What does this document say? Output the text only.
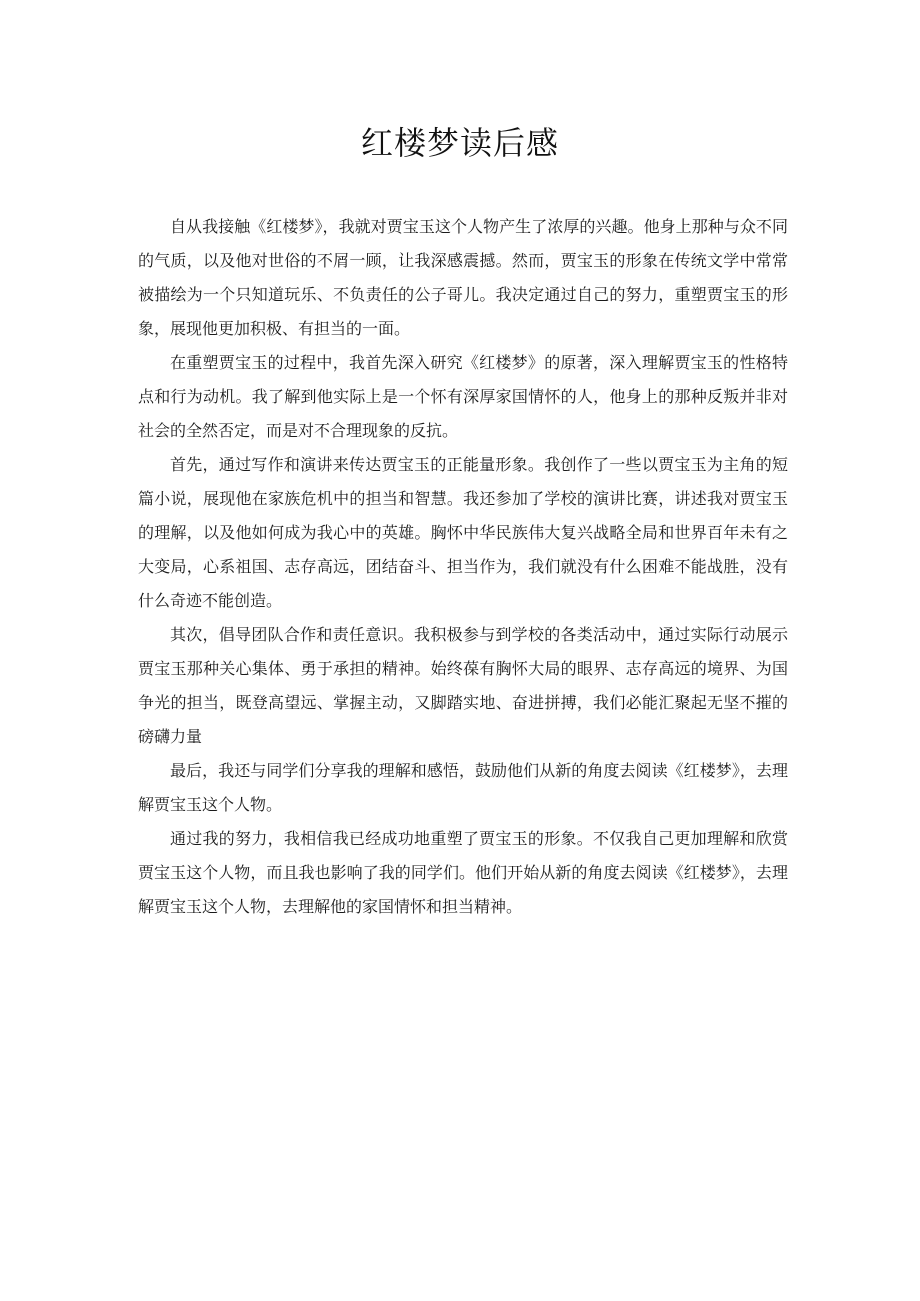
红楼梦读后感

自从我接触《红楼梦》，我就对贾宝玉这个人物产生了浓厚的兴趣。他身上那种与众不同的气质，以及他对世俗的不屑一顾，让我深感震撼。然而，贾宝玉的形象在传统文学中常常被描绘为一个只知道玩乐、不负责任的公子哥儿。我决定通过自己的努力，重塑贾宝玉的形象，展现他更加积极、有担当的一面。

在重塑贾宝玉的过程中，我首先深入研究《红楼梦》的原著，深入理解贾宝玉的性格特点和行为动机。我了解到他实际上是一个怀有深厚家国情怀的人，他身上的那种反叛并非对社会的全然否定，而是对不合理现象的反抗。

首先，通过写作和演讲来传达贾宝玉的正能量形象。我创作了一些以贾宝玉为主角的短篇小说，展现他在家族危机中的担当和智慧。我还参加了学校的演讲比赛，讲述我对贾宝玉的理解，以及他如何成为我心中的英雄。胸怀中华民族伟大复兴战略全局和世界百年未有之大变局，心系祖国、志存高远，团结奋斗、担当作为，我们就没有什么困难不能战胜，没有什么奇迹不能创造。

其次，倡导团队合作和责任意识。我积极参与到学校的各类活动中，通过实际行动展示贾宝玉那种关心集体、勇于承担的精神。始终葆有胸怀大局的眼界、志存高远的境界、为国争光的担当，既登高望远、掌握主动，又脚踏实地、奋进拼搏，我们必能汇聚起无坚不摧的磅礴力量

最后，我还与同学们分享我的理解和感悟，鼓励他们从新的角度去阅读《红楼梦》，去理解贾宝玉这个人物。

通过我的努力，我相信我已经成功地重塑了贾宝玉的形象。不仅我自己更加理解和欣赏贾宝玉这个人物，而且我也影响了我的同学们。他们开始从新的角度去阅读《红楼梦》，去理解贾宝玉这个人物，去理解他的家国情怀和担当精神。
